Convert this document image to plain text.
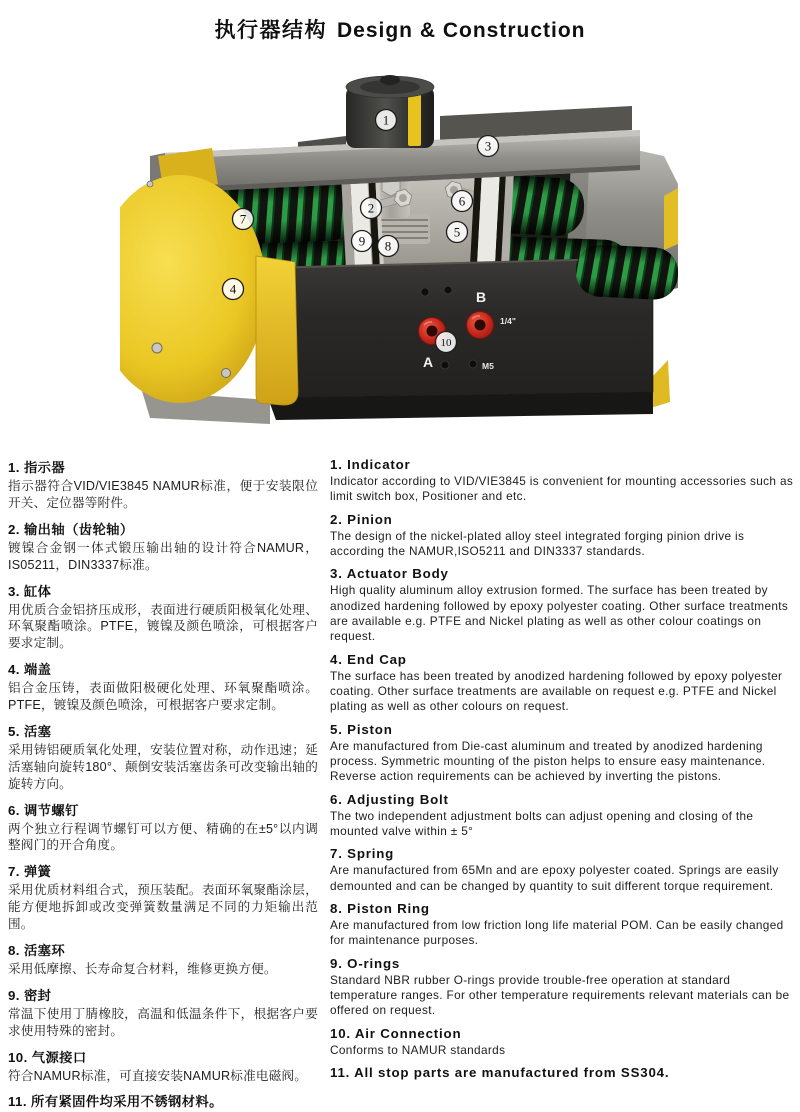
执行器结构 Design & Construction
A
B
1/4"
M5
1
3
2	6
7
9 8
5
4
10
1. 指示器

指示器符合VID/VIE3845 NAMUR标准，便于安装限位开关、定位器等附件。

2. 输出轴（齿轮轴）

镀镍合金钢一体式锻压输出轴的设计符合NAMUR，IS05211，DIN3337标准。

3. 缸体

用优质合金铝挤压成形，表面进行硬质阳极氧化处理、环氧聚酯喷涂。PTFE，镀镍及颜色喷涂，可根据客户要求定制。

4. 端盖

铝合金压铸，表面做阳极硬化处理、环氧聚酯喷涂。PTFE，镀镍及颜色喷涂，可根据客户要求定制。

5. 活塞

采用铸铝硬质氧化处理，安装位置对称，动作迅速；延活塞轴向旋转180°、颠倒安装活塞齿条可改变输出轴的旋转方向。

6. 调节螺钉

两个独立行程调节螺钉可以方便、精确的在±5°以内调整阀门的开合角度。

7. 弹簧

采用优质材料组合式，预压装配。表面环氧聚酯涂层，能方便地拆卸或改变弹簧数量满足不同的力矩输出范围。

8. 活塞环

采用低摩擦、长寿命复合材料，维修更换方便。

9. 密封

常温下使用丁腈橡胶，高温和低温条件下，根据客户要求使用特殊的密封。

10. 气源接口

符合NAMUR标准，可直接安装NAMUR标准电磁阀。

11. 所有紧固件均采用不锈钢材料。
1. Indicator

Indicator according to VID/VIE3845 is convenient for mounting accessories such as limit switch box, Positioner and etc.

2. Pinion

The design of the nickel-plated alloy steel integrated forging pinion drive is according the NAMUR,ISO5211 and DIN3337 standards.

3. Actuator Body

High quality aluminum alloy extrusion formed. The surface has been treated by anodized hardening followed by epoxy polyester coating. Other surface treatments are available e.g. PTFE and Nickel plating as well as other colour coatings on request.

4. End Cap

The surface has been treated by anodized hardening followed by epoxy polyester coating. Other surface treatments are available on request e.g. PTFE and Nickel plating as well as other colours on request.

5. Piston

Are manufactured from Die-cast aluminum and treated by anodized hardening process. Symmetric mounting of the piston helps to ensure easy maintenance. Reverse action requirements can be achieved by inverting the pistons.

6. Adjusting Bolt

The two independent adjustment bolts can adjust opening and closing of the mounted valve within ± 5°

7. Spring

Are manufactured from 65Mn and are epoxy polyester coated. Springs are easily demounted and can be changed by quantity to suit different torque requirement.

8. Piston Ring

Are manufactured from low friction long life material POM. Can be easily changed for maintenance purposes.

9. O-rings

Standard NBR rubber O-rings provide trouble-free operation at standard temperature ranges. For other temperature requirements relevant materials can be offered on request.

10. Air Connection

Conforms to NAMUR standards

11. All stop parts are manufactured from SS304.
